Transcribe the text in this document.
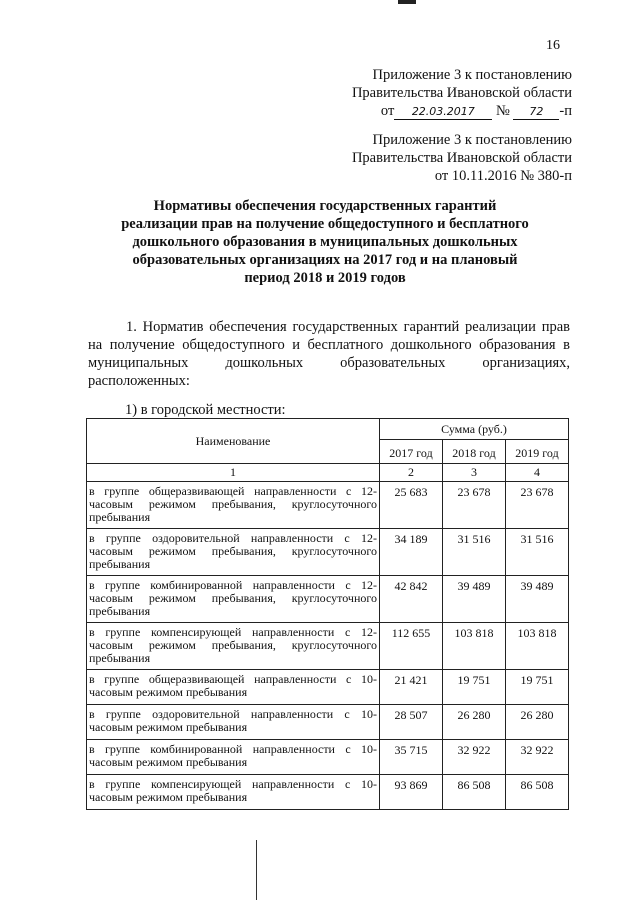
16
Приложение 3 к постановлению
Правительства Ивановской области
от 22.03.2017 № 72 -п
Приложение 3 к постановлению
Правительства Ивановской области
от 10.11.2016 № 380-п
Нормативы обеспечения государственных гарантий
реализации прав на получение общедоступного и бесплатного
дошкольного образования в муниципальных дошкольных
образовательных организациях на 2017 год и на плановый
период 2018 и 2019 годов
1. Норматив обеспечения государственных гарантий реализации прав на получение общедоступного и бесплатного дошкольного образования в муниципальных дошкольных образовательных организациях, расположенных:
1) в городской местности:
Наименование	Сумма (руб.)		
	2017 год	2018 год	2019 год
1	2	3	4
в группе общеразвивающей направленности с 12-часовым режимом пребывания, круглосуточного пребывания	25 683	23 678	23 678
в группе оздоровительной направленности с 12-часовым режимом пребывания, круглосуточного пребывания	34 189	31 516	31 516
в группе комбинированной направленности с 12-часовым режимом пребывания, круглосуточного пребывания	42 842	39 489	39 489
в группе компенсирующей направленности с 12-часовым режимом пребывания, круглосуточного пребывания	112 655	103 818	103 818
в группе общеразвивающей направленности с 10-часовым режимом пребывания	21 421	19 751	19 751
в группе оздоровительной направленности с 10-часовым режимом пребывания	28 507	26 280	26 280
в группе комбинированной направленности с 10-часовым режимом пребывания	35 715	32 922	32 922
в группе компенсирующей направленности с 10-часовым режимом пребывания	93 869	86 508	86 508
